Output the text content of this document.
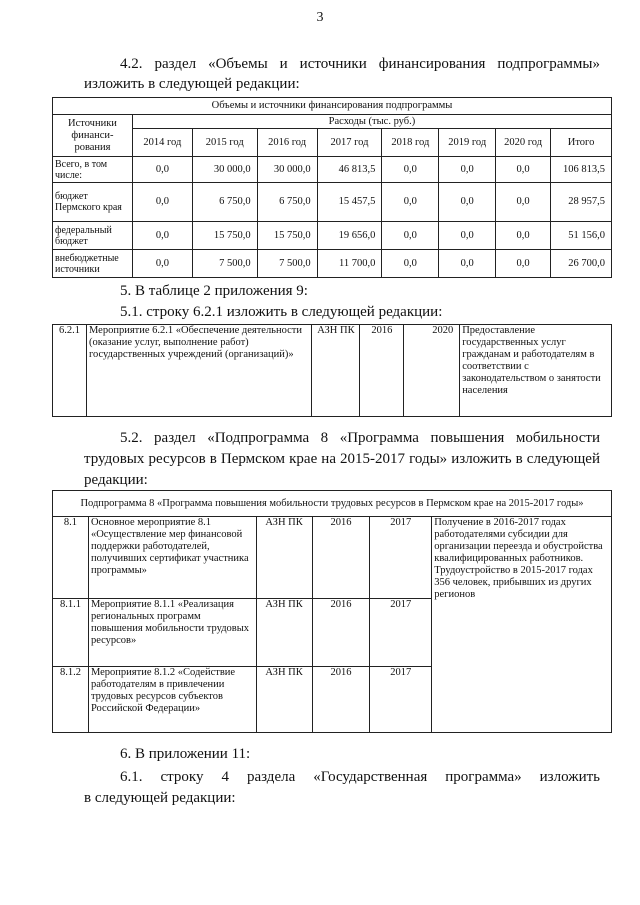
3
4.2. раздел «Объемы и источники финансирования подпрограммы»
изложить в следующей редакции:
Объемы и источники финансирования подпрограммы								
Источники финанси-рования	Расходы (тыс. руб.)							
	2014 год	2015 год	2016 год	2017 год	2018 год	2019 год	2020 год	Итого
Всего, в том числе:	0,0	30 000,0	30 000,0	46 813,5	0,0	0,0	0,0	106 813,5
бюджет Пермского края	0,0	6 750,0	6 750,0	15 457,5	0,0	0,0	0,0	28 957,5
федеральный бюджет	0,0	15 750,0	15 750,0	19 656,0	0,0	0,0	0,0	51 156,0
внебюджетные источники	0,0	7 500,0	7 500,0	11 700,0	0,0	0,0	0,0	26 700,0
5. В таблице 2 приложения 9:
5.1. строку 6.2.1 изложить в следующей редакции:
6.2.1	Мероприятие 6.2.1 «Обеспечение деятельности (оказание услуг, выполнение работ) государственных учреждений (организаций)»	АЗН ПК	2016	2020	Предоставление государственных услуг гражданам и работодателям в соответствии с законодательством о занятости населения
5.2. раздел «Подпрограмма 8 «Программа повышения мобильности
трудовых ресурсов в Пермском крае на 2015-2017 годы» изложить в следующей
редакции:
Подпрограмма 8 «Программа повышения мобильности трудовых ресурсов в Пермском крае на 2015-2017 годы»					
8.1	Основное мероприятие 8.1 «Осуществление мер финансовой поддержки работодателей, получивших сертификат участника программы»	АЗН ПК	2016	2017	Получение в 2016-2017 годах работодателями субсидии для организации переезда и обустройства квалифицированных работников. Трудоустройство в 2015-2017 годах 356 человек, прибывших из других регионов
8.1.1	Мероприятие 8.1.1 «Реализация региональных программ повышения мобильности трудовых ресурсов»	АЗН ПК	2016	2017	
8.1.2	Мероприятие 8.1.2 «Содействие работодателям в привлечении трудовых ресурсов субъектов Российской Федерации»	АЗН ПК	2016	2017	
6. В приложении 11:
6.1. строку 4 раздела «Государственная программа» изложить
в следующей редакции:
